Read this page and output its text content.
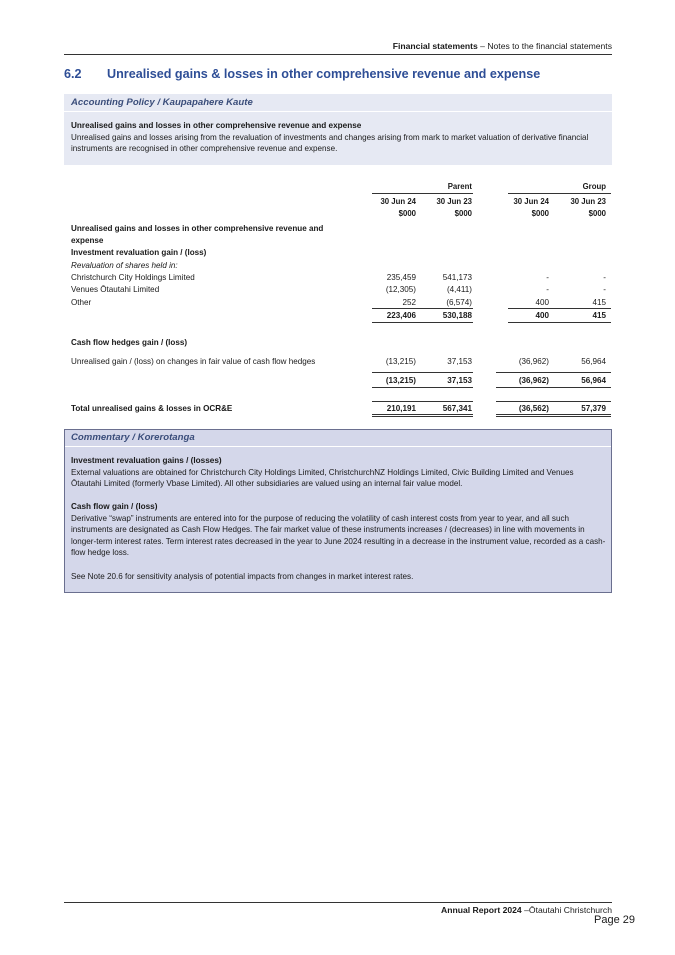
Financial statements – Notes to the financial statements
6.2 Unrealised gains & losses in other comprehensive revenue and expense
Accounting Policy / Kaupapahere Kaute
Unrealised gains and losses in other comprehensive revenue and expense
Unrealised gains and losses arising from the revaluation of investments and changes arising from mark to market valuation of derivative financial instruments are recognised in other comprehensive revenue and expense.
Parent	Group
30 Jun 24	30 Jun 23	30 Jun 24	30 Jun 23
$000	$000	$000	$000
Unrealised gains and losses in other comprehensive revenue and
expense
Investment revaluation gain / (loss)
Revaluation of shares held in:
Christchurch City Holdings Limited	235,459	541,173	-	-
Venues Ōtautahi Limited	(12,305)	(4,411)	-	-
Other	252	(6,574)	400	415
223,406	530,188	400	415
Cash flow hedges gain / (loss)
Unrealised gain / (loss) on changes in fair value of cash flow hedges	(13,215)	37,153	(36,962)	56,964
(13,215)	37,153	(36,962)	56,964
Total unrealised gains & losses in OCR&E	210,191	567,341	(36,562)	57,379
Commentary / Korerotanga
Investment revaluation gains / (losses)
External valuations are obtained for Christchurch City Holdings Limited, ChristchurchNZ Holdings Limited, Civic Building Limited and Venues Ōtautahi Limited (formerly Vbase Limited). All other subsidiaries are valued using an internal fair value model.
Cash flow gain / (loss)
Derivative “swap” instruments are entered into for the purpose of reducing the volatility of cash interest costs from year to year, and all such instruments are designated as Cash Flow Hedges. The fair market value of these instruments increases / (decreases) in line with movements in longer-term interest rates. Term interest rates decreased in the year to June 2024 resulting in a decrease in the instrument value, recorded as a cash-flow hedge loss.
See Note 20.6 for sensitivity analysis of potential impacts from changes in market interest rates.
Annual Report 2024 –Ōtautahi Christchurch
Page 29
